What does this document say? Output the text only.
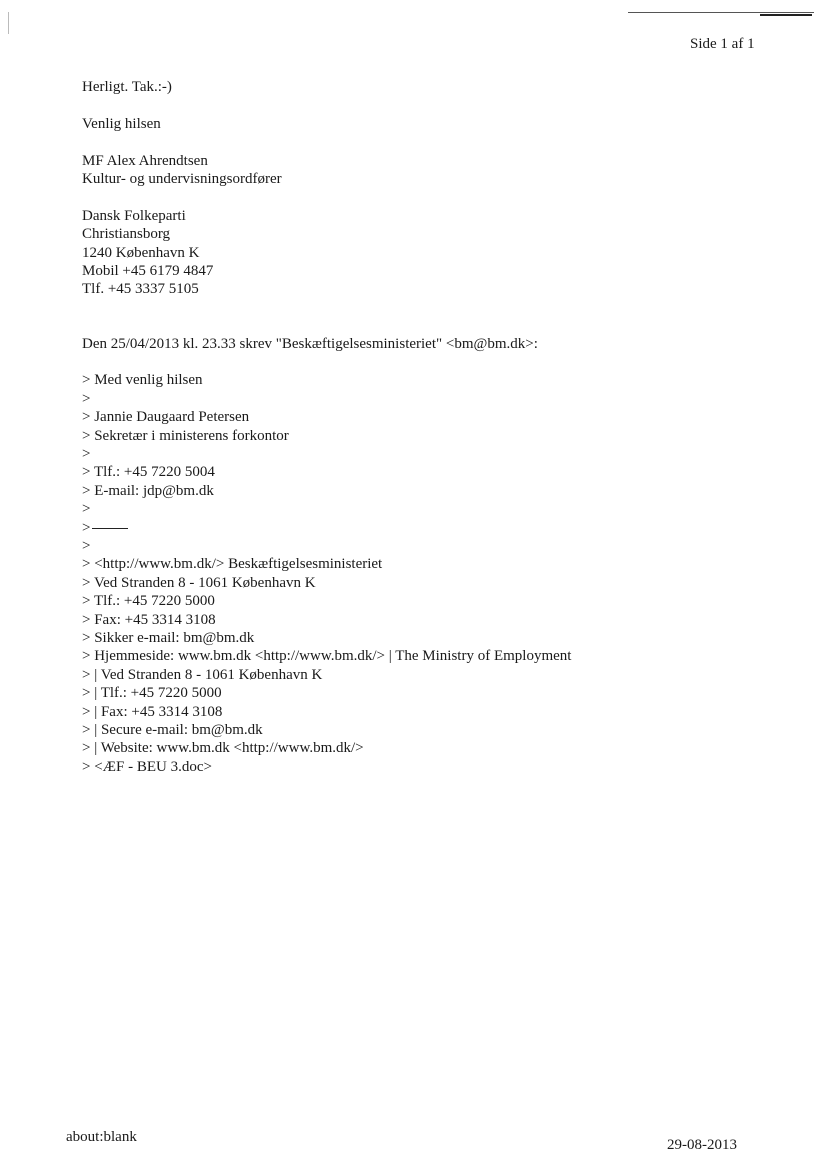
Side 1 af 1
Herligt. Tak.:-)
Venlig hilsen
MF Alex Ahrendtsen
Kultur- og undervisningsordfører
Dansk Folkeparti
Christiansborg
1240 København K
Mobil +45 6179 4847
Tlf. +45 3337 5105
Den 25/04/2013 kl. 23.33 skrev "Beskæftigelsesministeriet" <bm@bm.dk>:
> Med venlig hilsen
>
> Jannie Daugaard Petersen
> Sekretær i ministerens forkontor
>
> Tlf.: +45 7220 5004
> E-mail: jdp@bm.dk
>
>
>
> <http://www.bm.dk/> Beskæftigelsesministeriet
> Ved Stranden 8 - 1061 København K
> Tlf.: +45 7220 5000
> Fax: +45 3314 3108
> Sikker e-mail: bm@bm.dk
> Hjemmeside: www.bm.dk <http://www.bm.dk/> | The Ministry of Employment
> | Ved Stranden 8 - 1061 København K
> | Tlf.: +45 7220 5000
> | Fax: +45 3314 3108
> | Secure e-mail: bm@bm.dk
> | Website: www.bm.dk <http://www.bm.dk/>
> <ÆF - BEU 3.doc>
about:blank	29-08-2013
